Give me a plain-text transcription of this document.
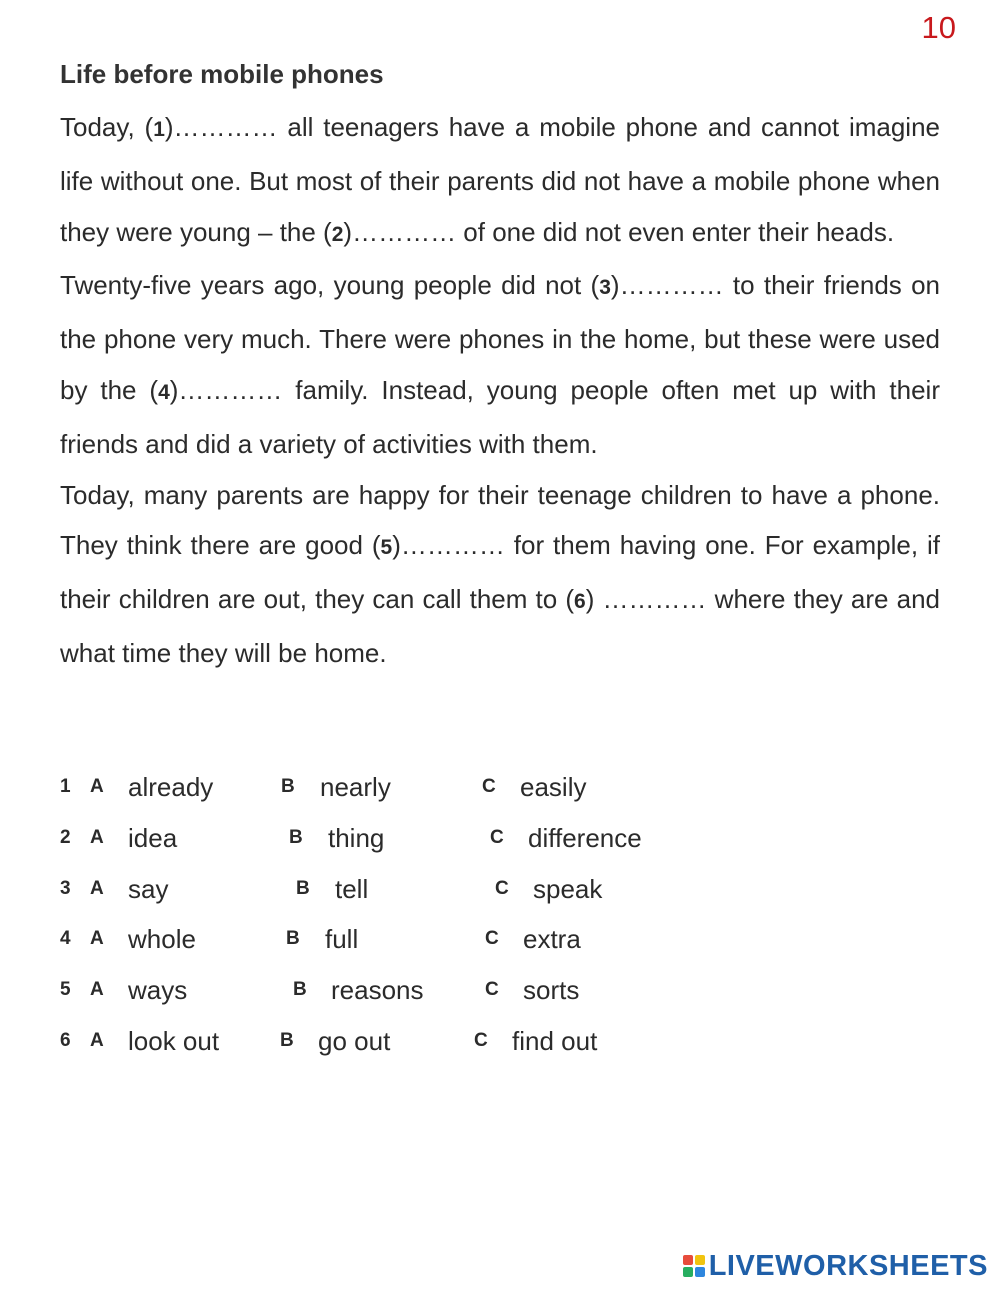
10
Life before mobile phones

Today, (1)………… all teenagers have a mobile phone and cannot imagine life without one. But most of their parents did not have a mobile phone when they were young – the (2)………… of one did not even enter their heads.

Twenty-five years ago, young people did not (3)………… to their friends on the phone very much. There were phones in the home, but these were used by the (4)………… family. Instead, young people often met up with their friends and did a variety of activities with them.

Today, many parents are happy for their teenage children to have a phone. They think there are good (5)………… for them having one. For example, if their children are out, they can call them to (6) ………… where they are and what time they will be home.

1 A already	B nearly	C easily
2 A idea	B thing	C difference
3 A say	B tell	C speak
4 A whole	B full	C extra
5 A ways	B reasons	C sorts
6 A look out	B go out	C find out
LIVEWORKSHEETS
